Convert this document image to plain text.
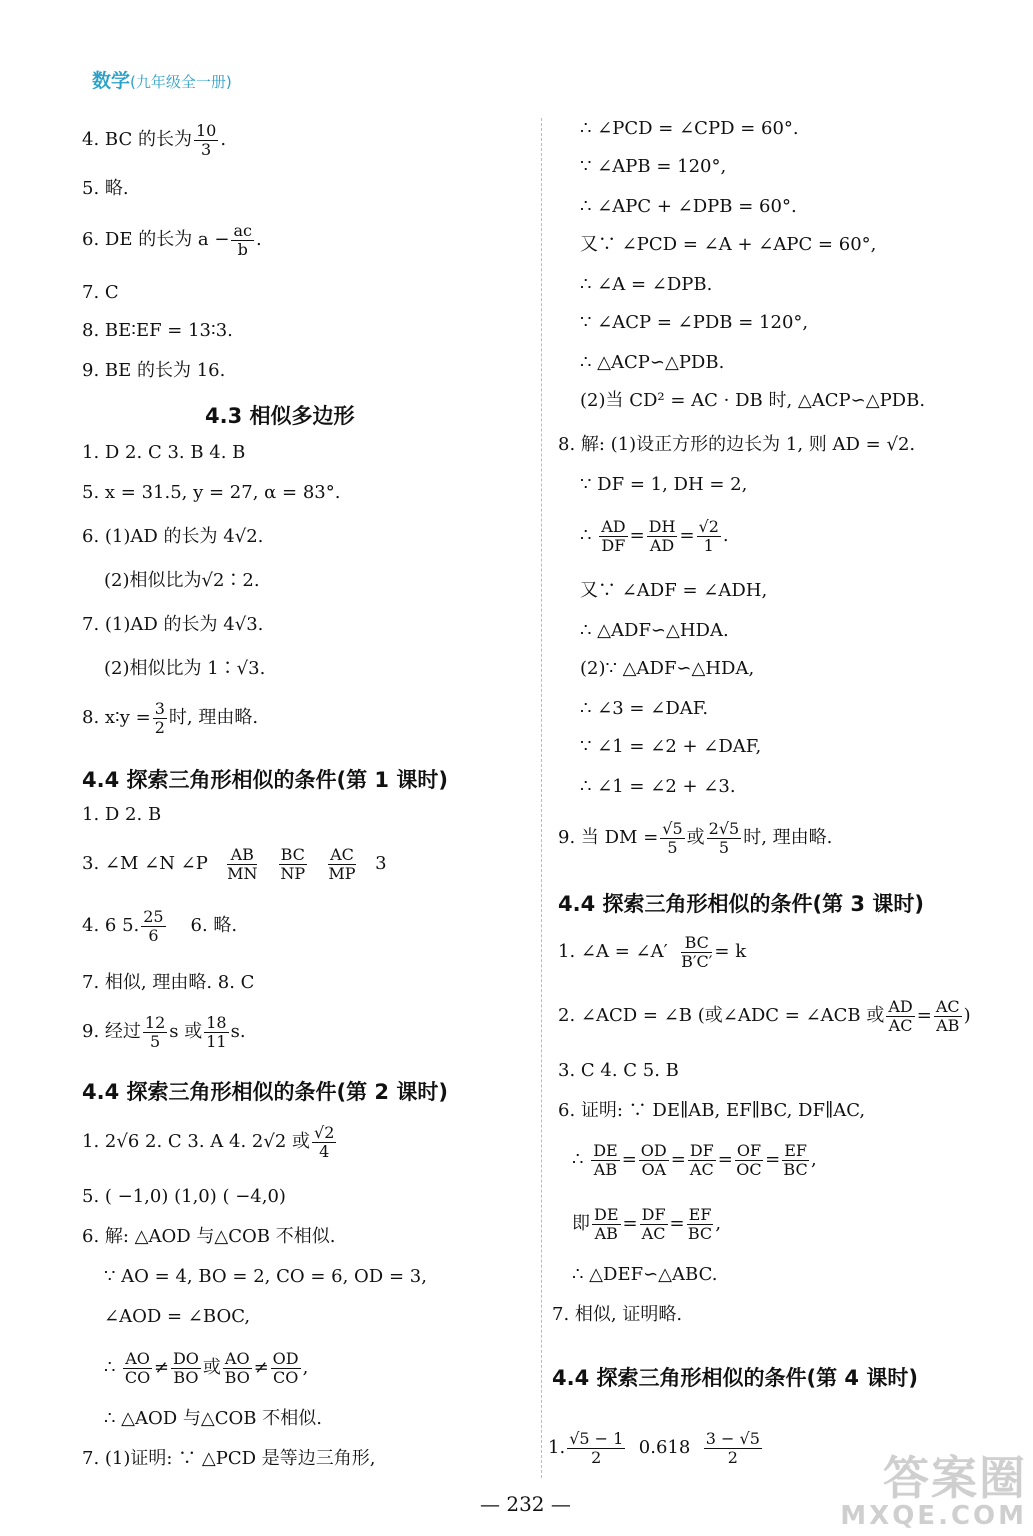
数学(九年级全一册)
4. BC 的长为 $\frac{10}{3}$ .
5. 略.
6. DE 的长为 $a - \frac{ac}{b}$ .
7. C
8. BE∶EF = 13∶3.
9. BE 的长为 16.
4.3 相似多边形
1. D 2. C 3. B 4. B
5. x = 31.5, y = 27, α = 83°.
6. (1)AD 的长为 4√2.
(2)相似比为√2∶2.
7. (1)AD 的长为 4√3.
(2)相似比为 1∶√3.
8. x∶y = $\frac{3}{2}$ 时, 理由略.
4.4 探索三角形相似的条件(第 1 课时)
1. D 2. B
3. ∠M ∠N ∠P $\frac{AB}{MN}$
$\frac{BC}{NP}$
$\frac{AC}{MP} 3$
4. 6 5. $\frac{25}{6} 6$. 略.
7. 相似, 理由略. 8. C
9. 经过 $\frac{12}{5}$ s 或 $\frac{18}{11} s$.
4.4 探索三角形相似的条件(第 2 课时)
1. 2√6 2. C 3. A 4. 2√2 或 $\frac{√2}{4}$
5. ( −1,0) (1,0) ( −4,0)
6. 解: △AOD 与△COB 不相似.
∵ AO = 4, BO = 2, CO = 6, OD = 3,
∠AOD = ∠BOC,
∴ $\frac{AO}{CO} \ne \frac{DO}{BO}$ 或 $\frac{AO}{BO} \ne \frac{OD}{CO}$ ,
∴ △AOD 与△COB 不相似.
7. (1)证明: ∵ △PCD 是等边三角形,
∴ ∠PCD = ∠CPD = 60°.
∵ ∠APB = 120°,
∴ ∠APC + ∠DPB = 60°.
又∵ ∠PCD = ∠A + ∠APC = 60°,
∴ ∠A = ∠DPB.
∵ ∠ACP = ∠PDB = 120°,
∴ △ACP∽△PDB.
(2)当 CD² = AC · DB 时, △ACP∽△PDB.
8. 解: (1)设正方形的边长为 1, 则 AD = √2.
∵ DF = 1, DH = 2,
∴ $\frac{AD}{DF} = \frac{DH}{AD} = \frac{√2}{1}$ .
又∵ ∠ADF = ∠ADH,
∴ △ADF∽△HDA.
(2)∵ △ADF∽△HDA,
∴ ∠3 = ∠DAF.
∵ ∠1 = ∠2 + ∠DAF,
∴ ∠1 = ∠2 + ∠3.
9. 当 DM = $\frac{√5}{5}$ 或 $\frac{2√5}{5}$ 时, 理由略.
4.4 探索三角形相似的条件(第 3 课时)
1. ∠A = ∠A′ $\frac{BC}{B'C'} = k$
2. ∠ACD = ∠B (或∠ADC = ∠ACB 或 $\frac{AD}{AC} = \frac{AC}{AB}$ )
3. C 4. C 5. B
6. 证明: ∵ DE∥AB, EF∥BC, DF∥AC,
∴ $\frac{DE}{AB} = \frac{OD}{OA} = \frac{DF}{AC} = \frac{OF}{OC} = \frac{EF}{BC}$ ,
即 $\frac{DE}{AB} = \frac{DF}{AC} = \frac{EF}{BC}$ ,
∴ △DEF∽△ABC.
7. 相似, 证明略.
4.4 探索三角形相似的条件(第 4 课时)
1. $\frac{√5 - 1}{2} 0.618 \frac{3 - √5}{2}$
— 232 —	答案圈
MXQE.COM
